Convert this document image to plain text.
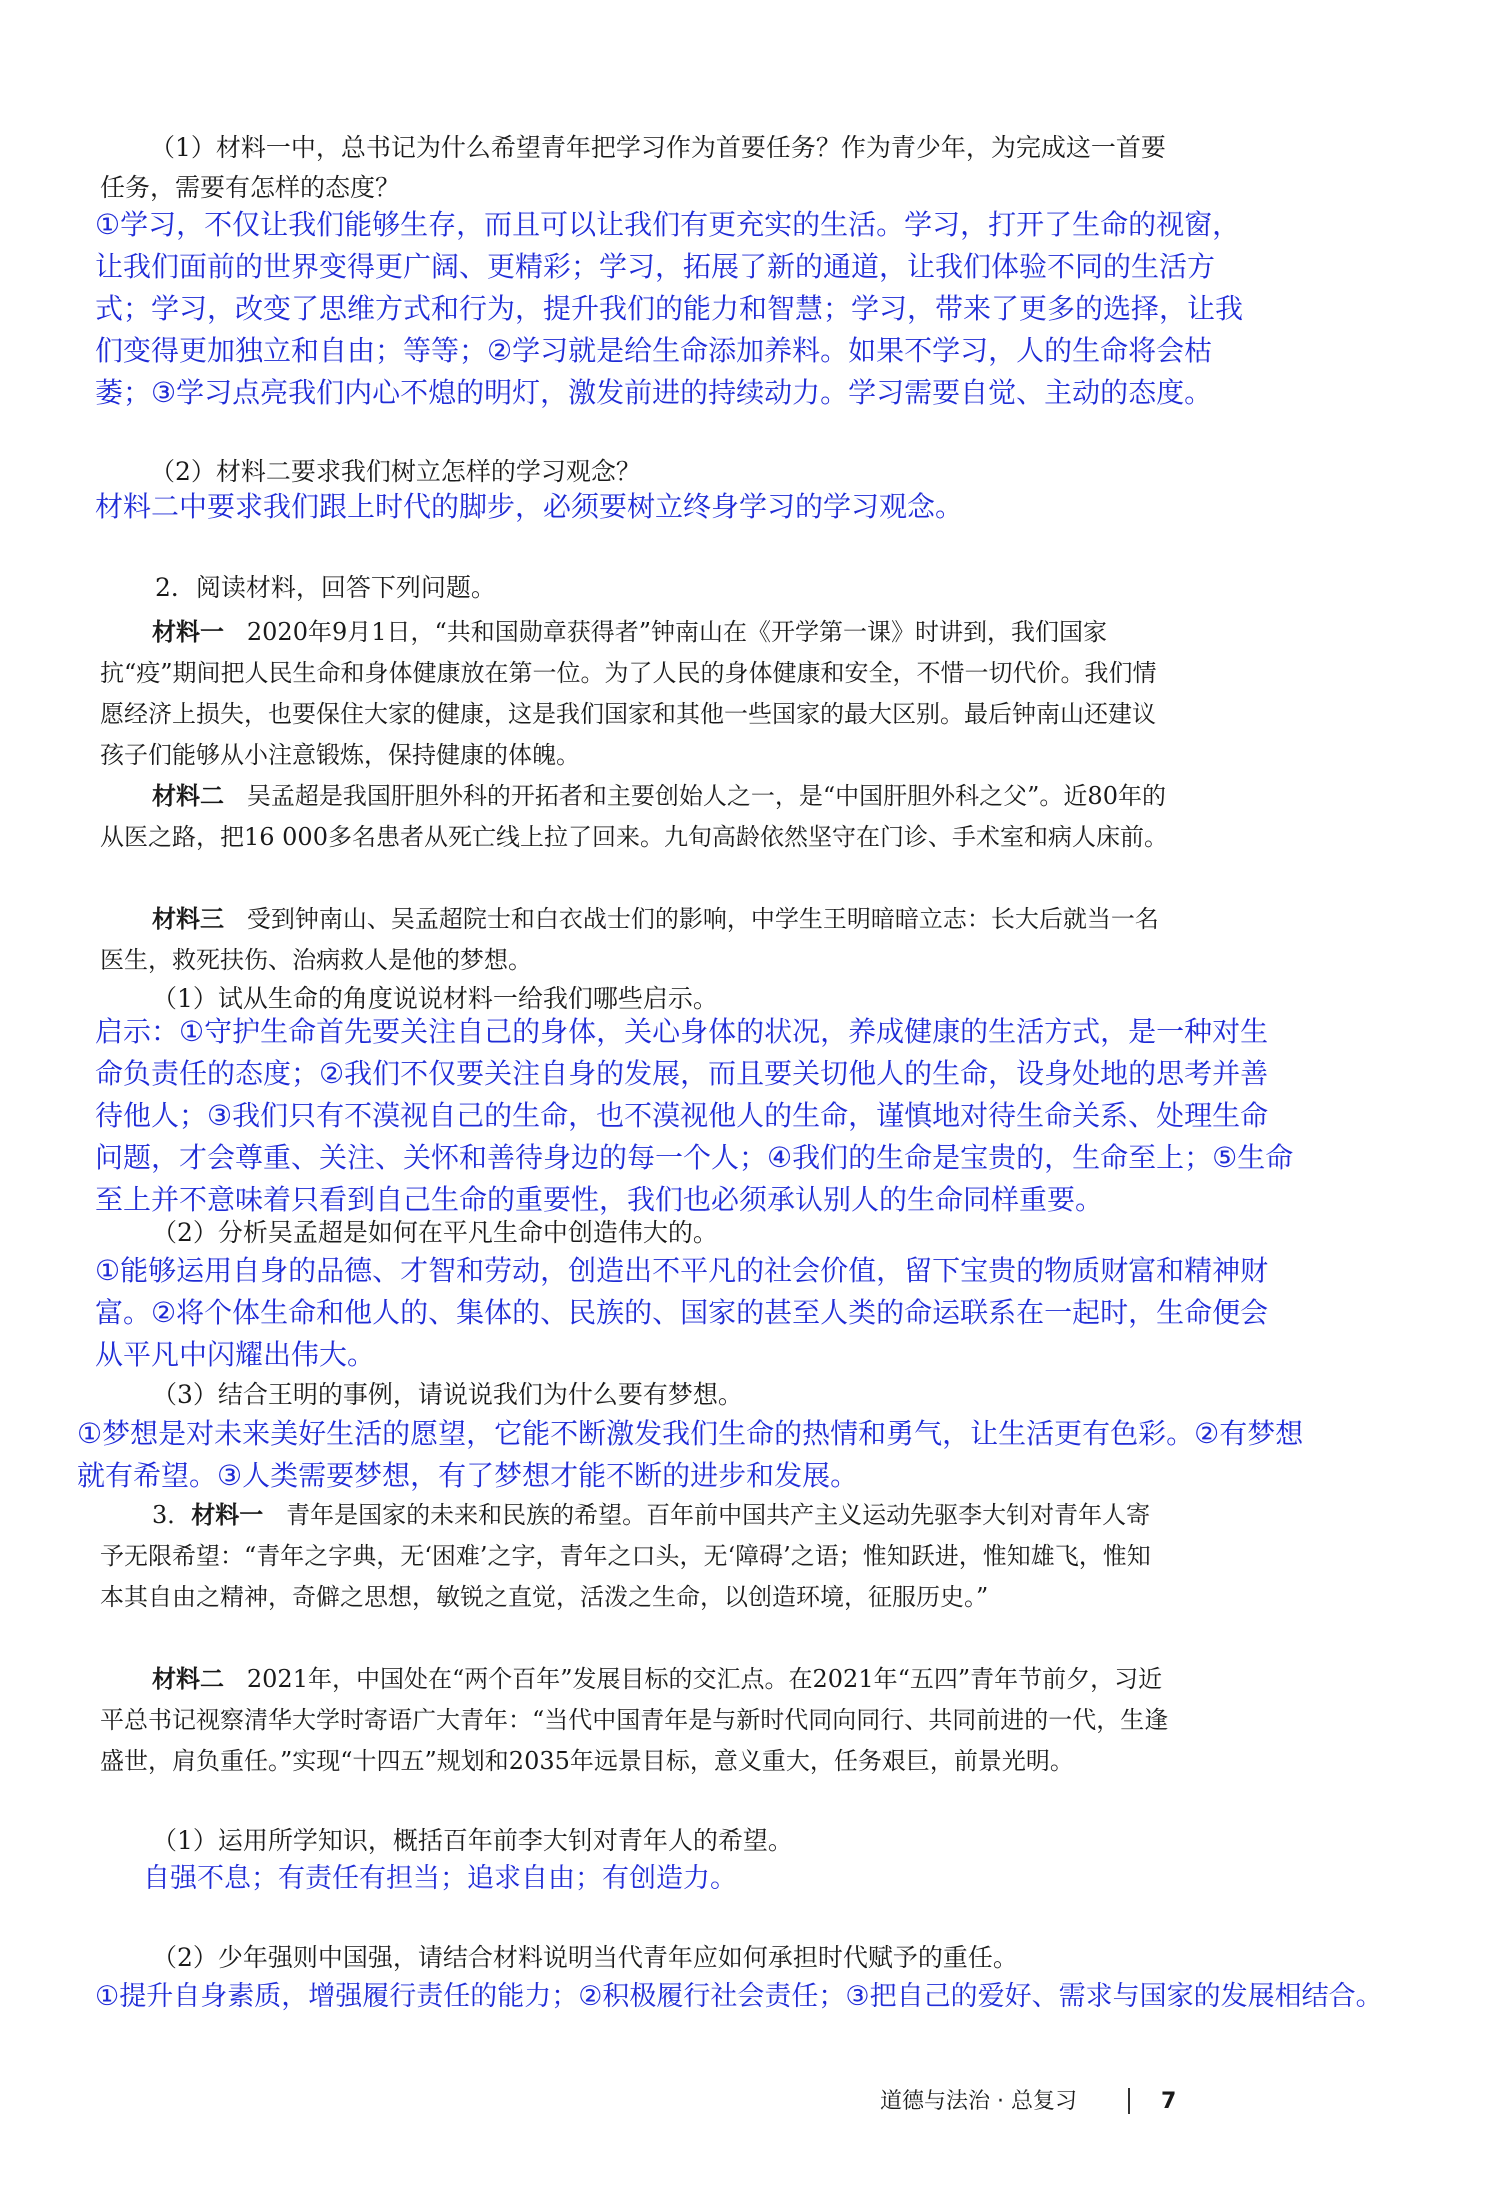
（1）材料一中，总书记为什么希望青年把学习作为首要任务？作为青少年，为完成这一首要任务，需要有怎样的态度？

①学习，不仅让我们能够生存，而且可以让我们有更充实的生活。学习，打开了生命的视窗，让我们面前的世界变得更广阔、更精彩；学习，拓展了新的通道，让我们体验不同的生活方式；学习，改变了思维方式和行为，提升我们的能力和智慧；学习，带来了更多的选择，让我们变得更加独立和自由；等等；②学习就是给生命添加养料。如果不学习，人的生命将会枯萎；③学习点亮我们内心不熄的明灯，激发前进的持续动力。学习需要自觉、主动的态度。

（2）材料二要求我们树立怎样的学习观念？

材料二中要求我们跟上时代的脚步，必须要树立终身学习的学习观念。

2．阅读材料，回答下列问题。

材料一 2020年9月1日，“共和国勋章获得者”钟南山在《开学第一课》时讲到，我们国家抗“疫”期间把人民生命和身体健康放在第一位。为了人民的身体健康和安全，不惜一切代价。我们情愿经济上损失，也要保住大家的健康，这是我们国家和其他一些国家的最大区别。最后钟南山还建议孩子们能够从小注意锻炼，保持健康的体魄。
材料二 吴孟超是我国肝胆外科的开拓者和主要创始人之一，是“中国肝胆外科之父”。近80年的从医之路，把16 000多名患者从死亡线上拉了回来。九旬高龄依然坚守在门诊、手术室和病人床前。
材料三 受到钟南山、吴孟超院士和白衣战士们的影响，中学生王明暗暗立志：长大后就当一名医生，救死扶伤、治病救人是他的梦想。

（1）试从生命的角度说说材料一给我们哪些启示。

启示：①守护生命首先要关注自己的身体，关心身体的状况，养成健康的生活方式，是一种对生命负责任的态度；②我们不仅要关注自身的发展，而且要关切他人的生命，设身处地的思考并善待他人；③我们只有不漠视自己的生命，也不漠视他人的生命，谨慎地对待生命关系、处理生命问题，才会尊重、关注、关怀和善待身边的每一个人；④我们的生命是宝贵的，生命至上；⑤生命至上并不意味着只看到自己生命的重要性，我们也必须承认别人的生命同样重要。

（2）分析吴孟超是如何在平凡生命中创造伟大的。

①能够运用自身的品德、才智和劳动，创造出不平凡的社会价值，留下宝贵的物质财富和精神财富。②将个体生命和他人的、集体的、民族的、国家的甚至人类的命运联系在一起时，生命便会从平凡中闪耀出伟大。

（3）结合王明的事例，请说说我们为什么要有梦想。

①梦想是对未来美好生活的愿望，它能不断激发我们生命的热情和勇气，让生活更有色彩。②有梦想就有希望。③人类需要梦想，有了梦想才能不断的进步和发展。

3．材料一 青年是国家的未来和民族的希望。百年前中国共产主义运动先驱李大钊对青年人寄予无限希望：“青年之字典，无‘困难’之字，青年之口头，无‘障碍’之语；惟知跃进，惟知雄飞，惟知本其自由之精神，奇僻之思想，敏锐之直觉，活泼之生命，以创造环境，征服历史。”
材料二 2021年，中国处在“两个百年”发展目标的交汇点。在2021年“五四”青年节前夕，习近平总书记视察清华大学时寄语广大青年：“当代中国青年是与新时代同向同行、共同前进的一代，生逢盛世，肩负重任。”实现“十四五”规划和2035年远景目标，意义重大，任务艰巨，前景光明。

（1）运用所学知识，概括百年前李大钊对青年人的希望。

自强不息；有责任有担当；追求自由；有创造力。

（2）少年强则中国强，请结合材料说明当代青年应如何承担时代赋予的重任。

①提升自身素质，增强履行责任的能力；②积极履行社会责任；③把自己的爱好、需求与国家的发展相结合。

道德与法治 · 总复习	7
